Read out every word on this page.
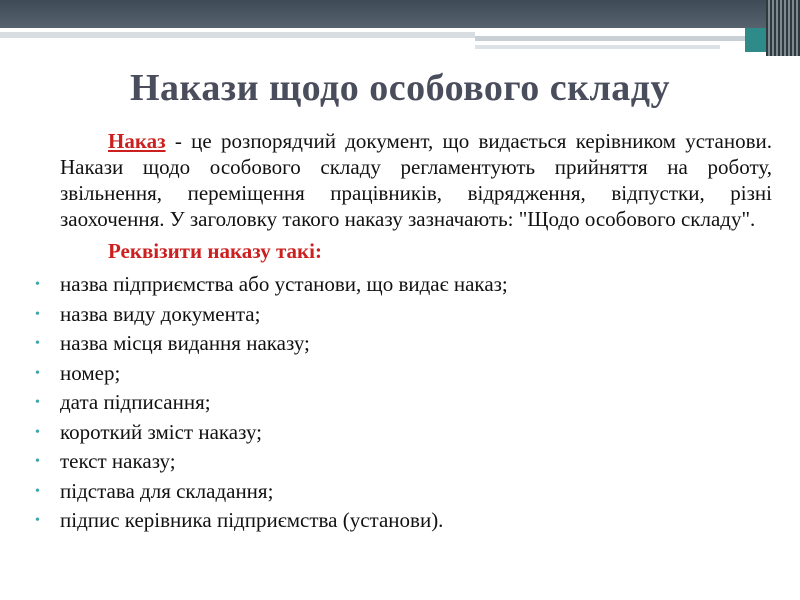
Накази щодо особового складу

Наказ - це розпорядчий документ, що видається керівником установи. Накази щодо особового складу регламентують прийняття на роботу, звільнення, переміщення працівників, відрядження, відпустки, різні заохочення. У заголовку такого наказу зазначають: "Щодо особового складу".

Реквізити наказу такі:

• назва підприємства або установи, що видає наказ;
• назва виду документа;
• назва місця видання наказу;
• номер;
• дата підписання;
• короткий зміст наказу;
• текст наказу;
• підстава для складання;
• підпис керівника підприємства (установи).
